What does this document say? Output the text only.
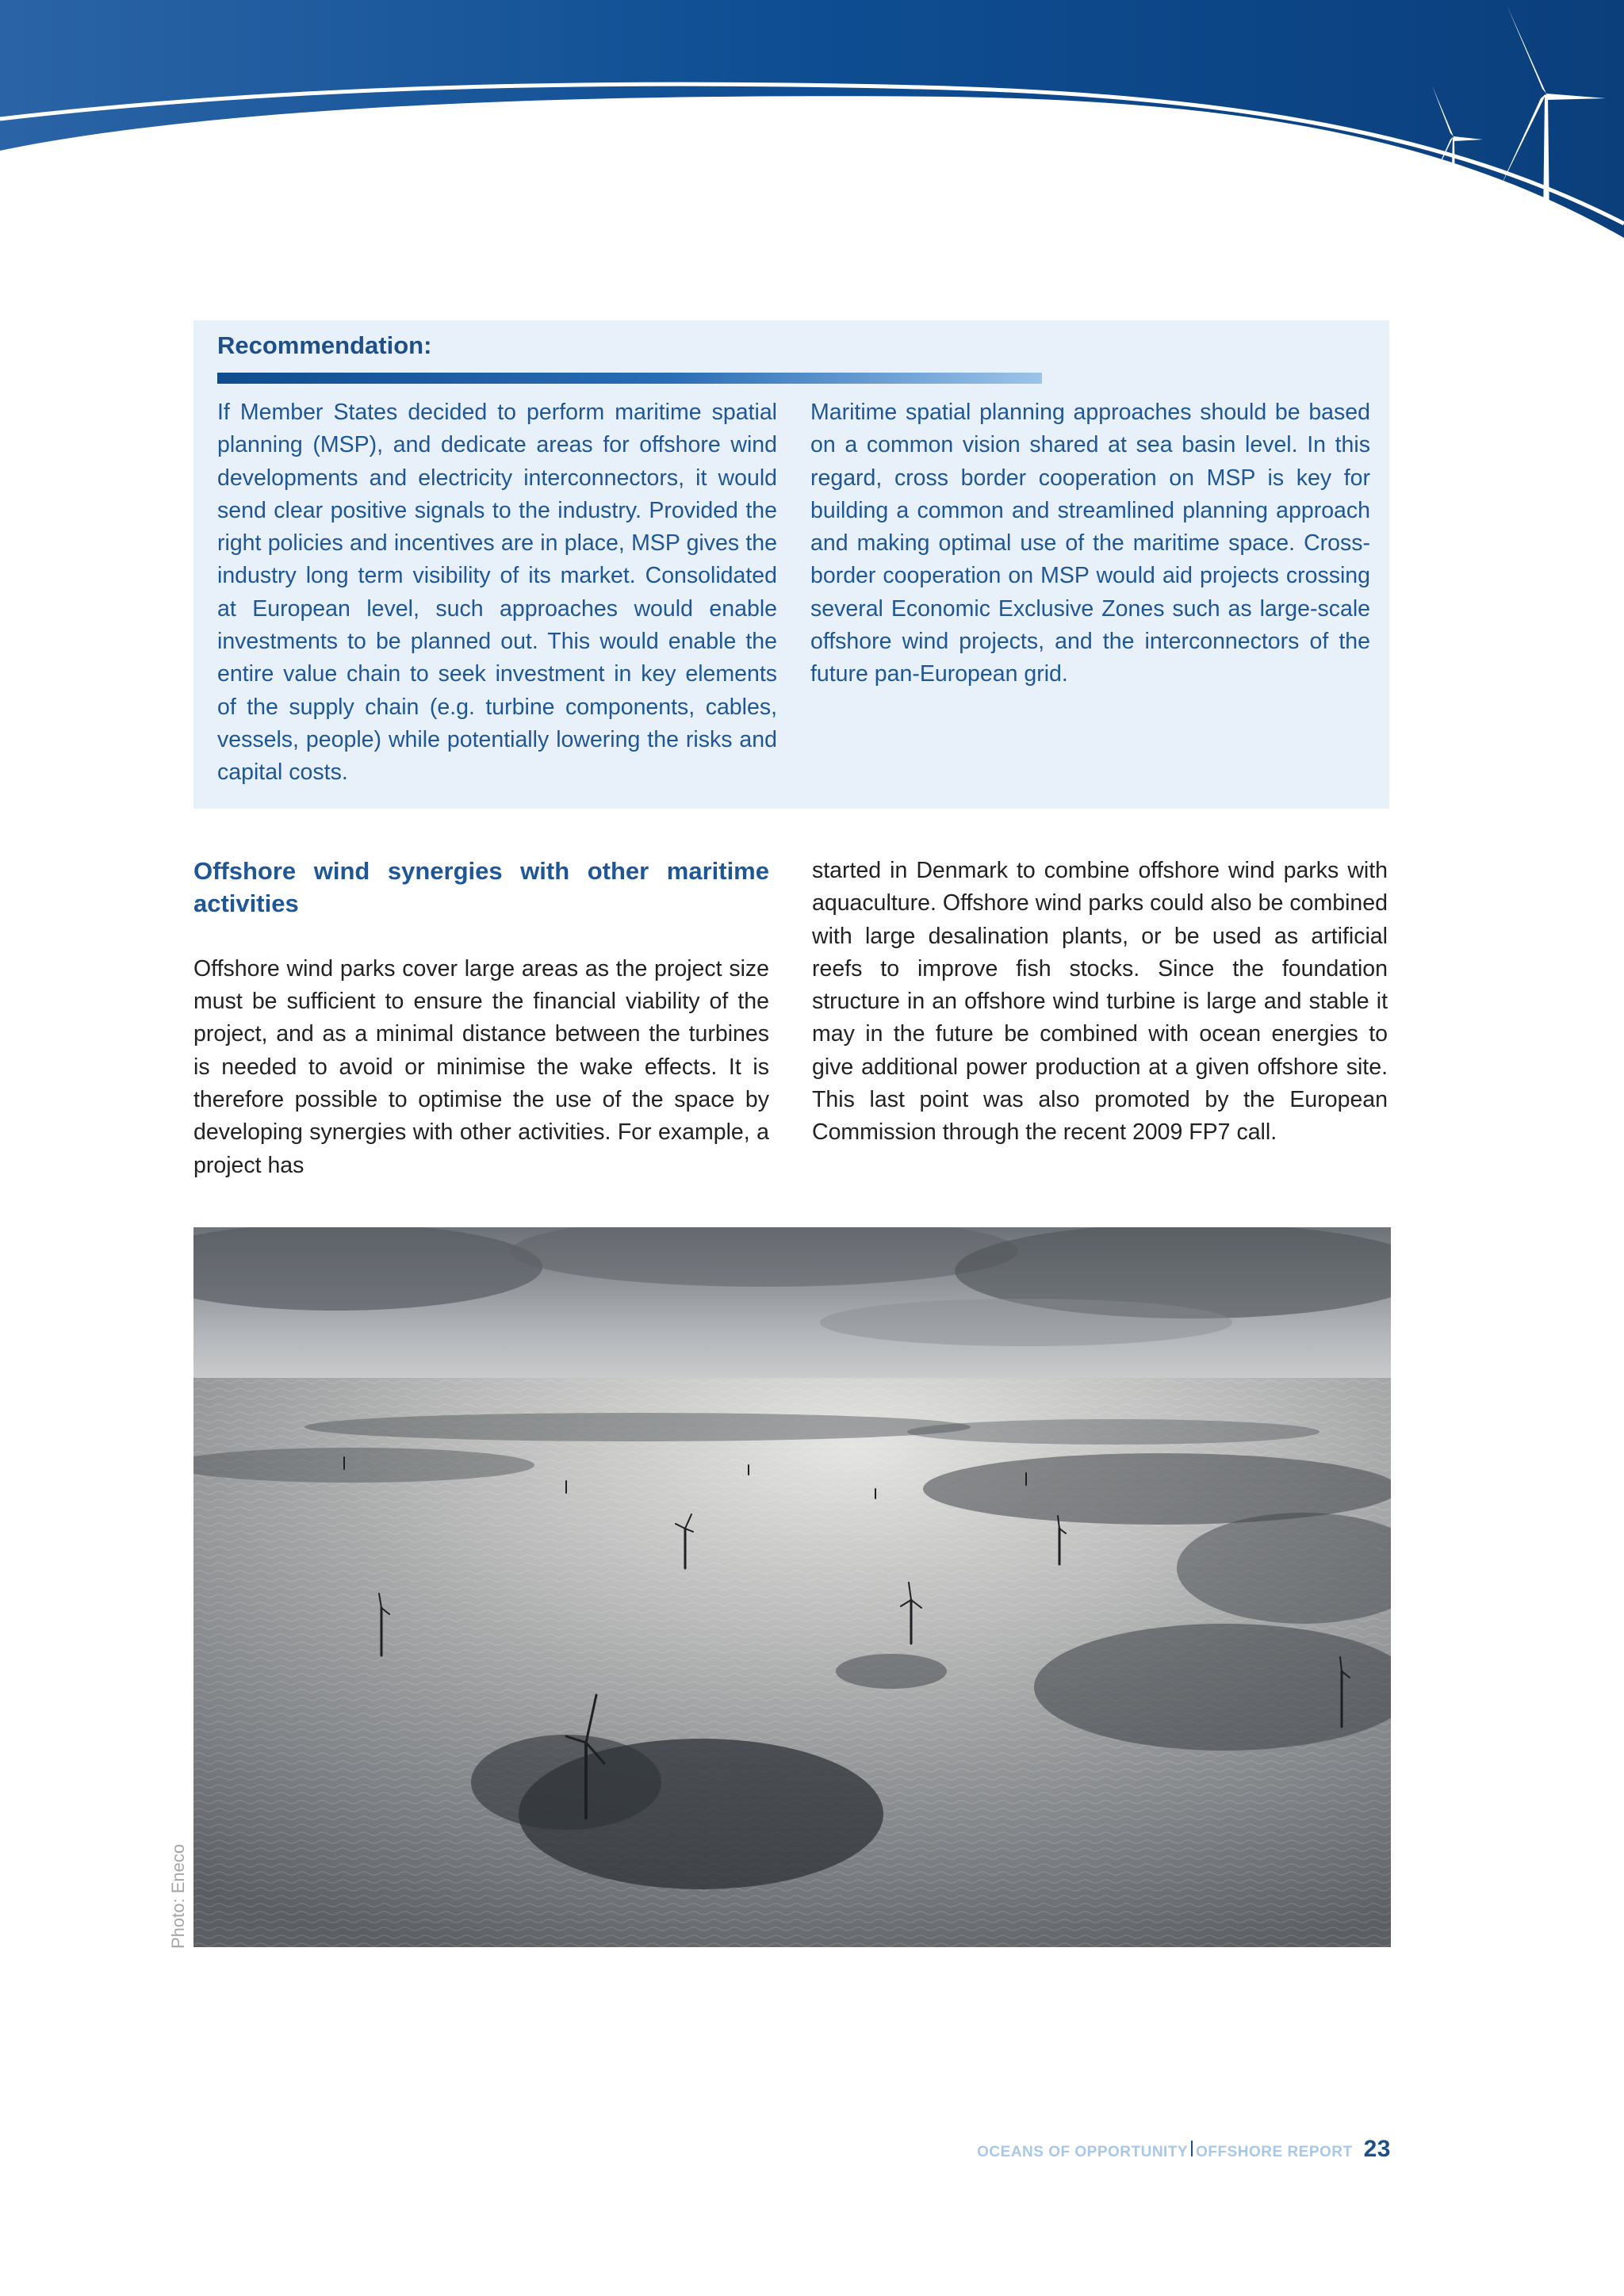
Recommendation:

If Member States decided to perform maritime spatial planning (MSP), and dedicate areas for offshore wind developments and electricity interconnectors, it would send clear positive signals to the industry. Provided the right policies and incentives are in place, MSP gives the industry long term visibility of its market. Consolidated at European level, such approaches would enable investments to be planned out. This would enable the entire value chain to seek investment in key elements of the supply chain (e.g. turbine components, cables, vessels, people) while potentially lowering the risks and capital costs.

Maritime spatial planning approaches should be based on a common vision shared at sea basin level. In this regard, cross border cooperation on MSP is key for building a common and streamlined planning approach and making optimal use of the maritime space. Cross-border cooperation on MSP would aid projects crossing several Economic Exclusive Zones such as large-scale offshore wind projects, and the interconnectors of the future pan-European grid.

Offshore wind synergies with other maritime activities

Offshore wind parks cover large areas as the project size must be sufficient to ensure the financial viability of the project, and as a minimal distance between the turbines is needed to avoid or minimise the wake effects. It is therefore possible to optimise the use of the space by developing synergies with other activities. For example, a project has

started in Denmark to combine offshore wind parks with aquaculture. Offshore wind parks could also be combined with large desalination plants, or be used as artificial reefs to improve fish stocks. Since the foundation structure in an offshore wind turbine is large and stable it may in the future be combined with ocean energies to give additional power production at a given offshore site. This last point was also promoted by the European Commission through the recent 2009 FP7 call.

Photo: Eneco
OCEANS OF OPPORTUNITY OFFSHORE REPORT 23
